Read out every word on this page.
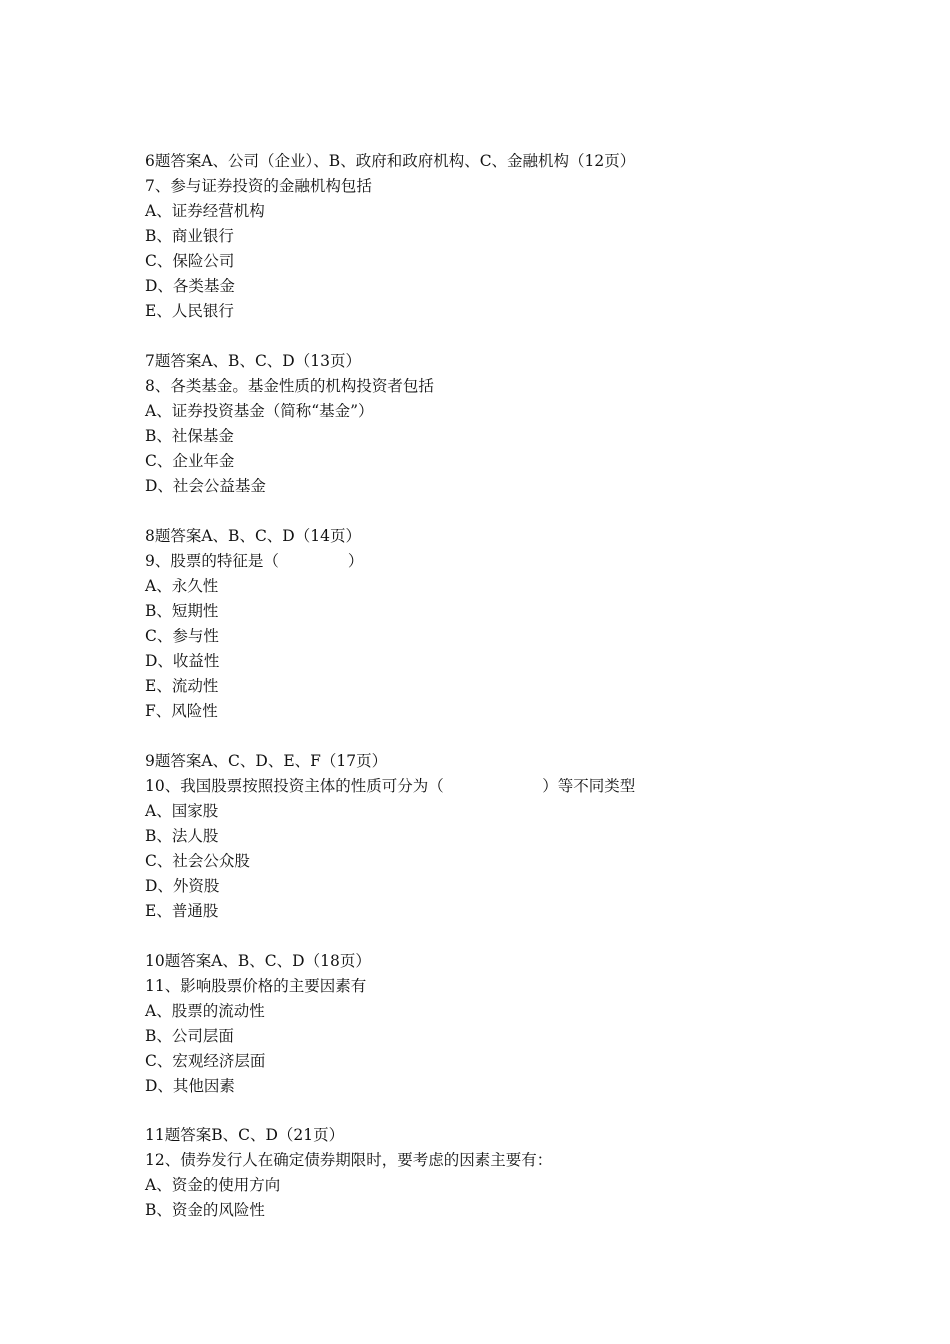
6题答案A、公司（企业）、B、政府和政府机构、C、金融机构（12页）
7、参与证券投资的金融机构包括
A、证券经营机构
B、商业银行
C、保险公司
D、各类基金
E、人民银行
7题答案A、B、C、D（13页）
8、各类基金。基金性质的机构投资者包括
A、证券投资基金（简称“基金”）
B、社保基金
C、企业年金
D、社会公益基金
8题答案A、B、C、D（14页）
9、股票的特征是（              ）
A、永久性
B、短期性
C、参与性
D、收益性
E、流动性
F、风险性
9题答案A、C、D、E、F（17页）
10、我国股票按照投资主体的性质可分为（                    ）等不同类型
A、国家股
B、法人股
C、社会公众股
D、外资股
E、普通股
10题答案A、B、C、D（18页）
11、影响股票价格的主要因素有
A、股票的流动性
B、公司层面
C、宏观经济层面
D、其他因素
11题答案B、C、D（21页）
12、债券发行人在确定债券期限时，要考虑的因素主要有：
A、资金的使用方向
B、资金的风险性
